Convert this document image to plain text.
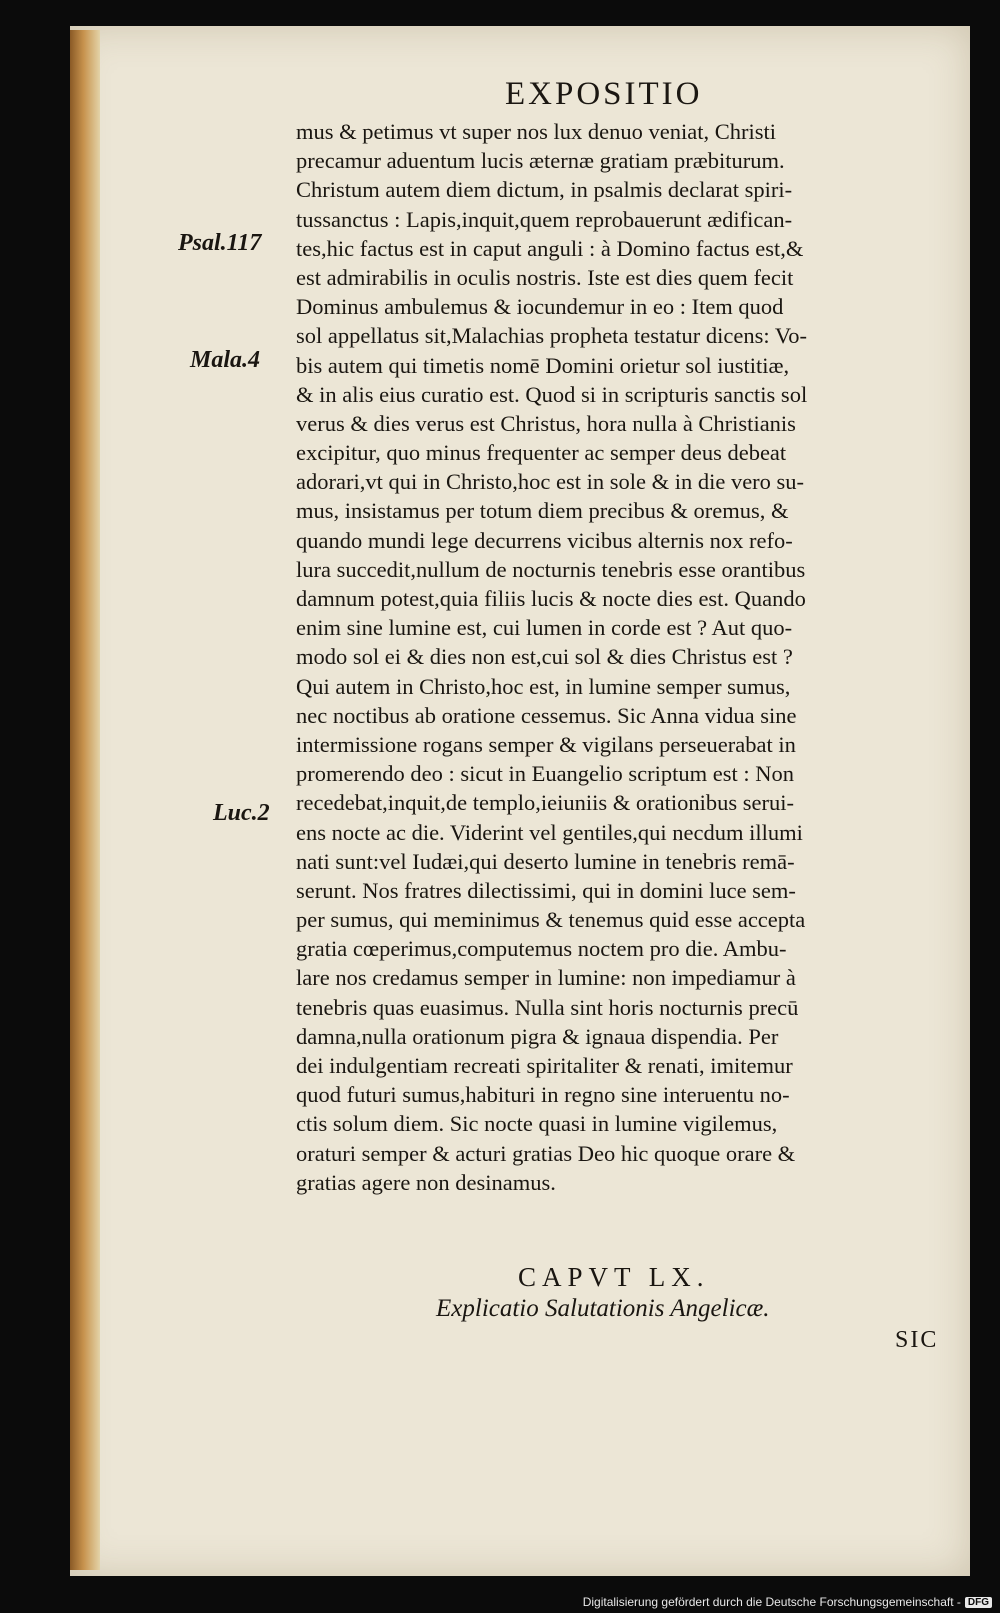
EXPOSITIO
Psal.117
Mala.4
Luc.2
mus & petimus vt super nos lux denuo veniat, Christi
precamur aduentum lucis æternæ gratiam præbiturum.
Christum autem diem dictum, in psalmis declarat spiri-
tussanctus : Lapis,inquit,quem reprobauerunt ædifican-
tes,hic factus est in caput anguli : à Domino factus est,&
est admirabilis in oculis nostris. Iste est dies quem fecit
Dominus ambulemus & iocundemur in eo : Item quod
sol appellatus sit,Malachias propheta testatur dicens: Vo-
bis autem qui timetis nomē Domini orietur sol iustitiæ,
& in alis eius curatio est. Quod si in scripturis sanctis sol
verus & dies verus est Christus, hora nulla à Christianis
excipitur, quo minus frequenter ac semper deus debeat
adorari,vt qui in Christo,hoc est in sole & in die vero su-
mus, insistamus per totum diem precibus & oremus, &
quando mundi lege decurrens vicibus alternis nox refo-
lura succedit,nullum de nocturnis tenebris esse orantibus
damnum potest,quia filiis lucis & nocte dies est. Quando
enim sine lumine est, cui lumen in corde est ? Aut quo-
modo sol ei & dies non est,cui sol & dies Christus est ?
Qui autem in Christo,hoc est, in lumine semper sumus,
nec noctibus ab oratione cessemus. Sic Anna vidua sine
intermissione rogans semper & vigilans perseuerabat in
promerendo deo : sicut in Euangelio scriptum est : Non
recedebat,inquit,de templo,ieiuniis & orationibus serui-
ens nocte ac die. Viderint vel gentiles,qui necdum illumi
nati sunt:vel Iudæi,qui deserto lumine in tenebris remā-
serunt. Nos fratres dilectissimi, qui in domini luce sem-
per sumus, qui meminimus & tenemus quid esse accepta
gratia cœperimus,computemus noctem pro die. Ambu-
lare nos credamus semper in lumine: non impediamur à
tenebris quas euasimus. Nulla sint horis nocturnis precū
damna,nulla orationum pigra & ignaua dispendia. Per
dei indulgentiam recreati spiritaliter & renati, imitemur
quod futuri sumus,habituri in regno sine interuentu no-
ctis solum diem. Sic nocte quasi in lumine vigilemus,
oraturi semper & acturi gratias Deo hic quoque orare &
gratias agere non desinamus.
CAPVT LX.
Explicatio Salutationis Angelicæ.
SIC
Digitalisierung gefördert durch die Deutsche Forschungsgemeinschaft - DFG
